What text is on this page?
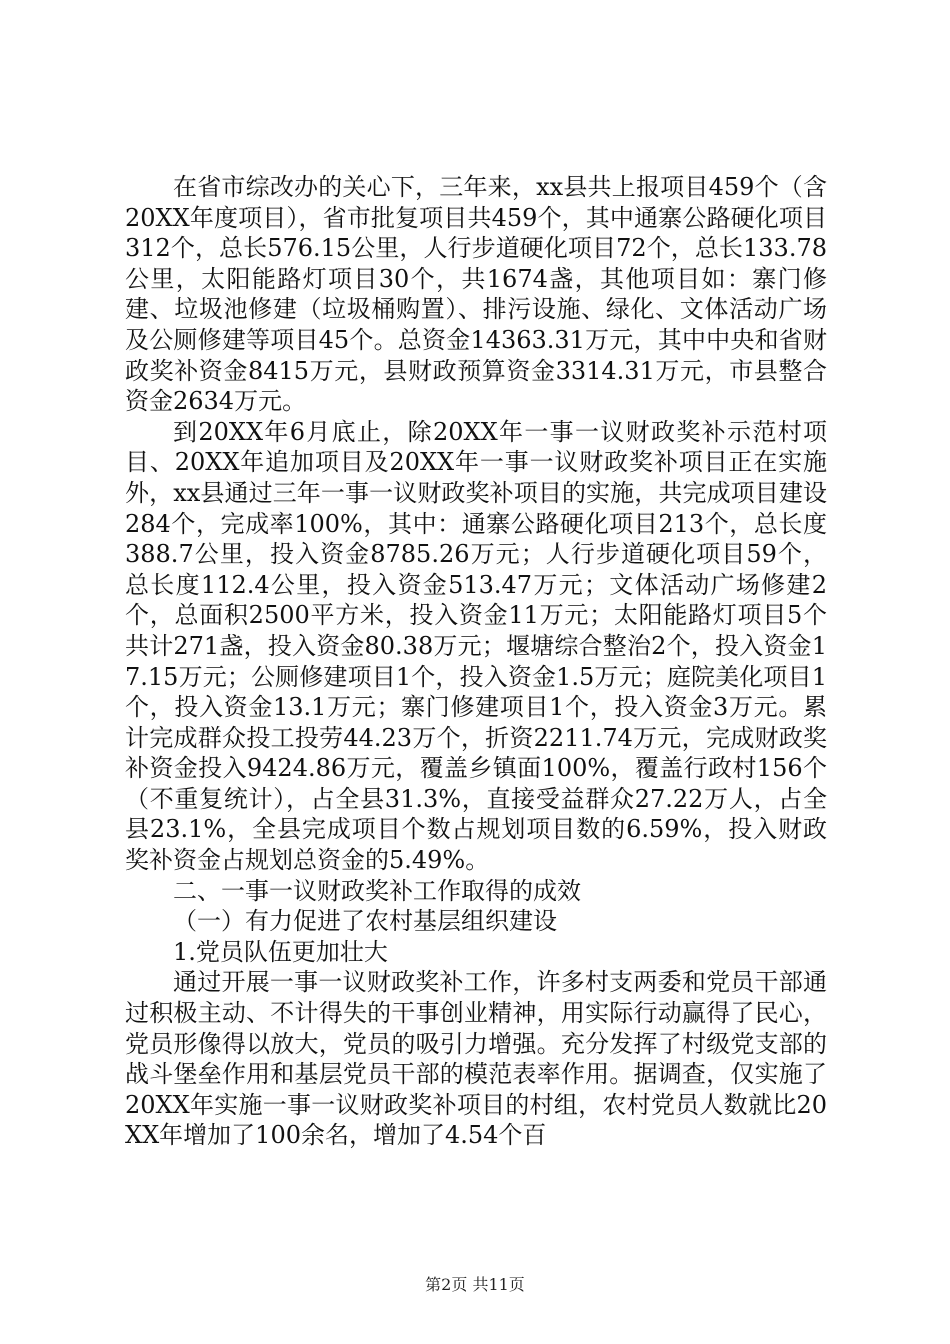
在省市综改办的关心下，三年来，xx县共上报项目459个（含20XX年度项目），省市批复项目共459个，其中通寨公路硬化项目312个，总长576.15公里，人行步道硬化项目72个，总长133.78公里，太阳能路灯项目30个，共1674盏，其他项目如：寨门修建、垃圾池修建（垃圾桶购置）、排污设施、绿化、文体活动广场及公厕修建等项目45个。总资金14363.31万元，其中中央和省财政奖补资金8415万元，县财政预算资金3314.31万元，市县整合资金2634万元。

到20XX年6月底止，除20XX年一事一议财政奖补示范村项目、20XX年追加项目及20XX年一事一议财政奖补项目正在实施外，xx县通过三年一事一议财政奖补项目的实施，共完成项目建设284个，完成率100%，其中：通寨公路硬化项目213个，总长度388.7公里，投入资金8785.26万元；人行步道硬化项目59个，总长度112.4公里，投入资金513.47万元；文体活动广场修建2个，总面积2500平方米，投入资金11万元；太阳能路灯项目5个共计271盏，投入资金80.38万元；堰塘综合整治2个，投入资金17.15万元；公厕修建项目1个，投入资金1.5万元；庭院美化项目1个，投入资金13.1万元；寨门修建项目1个，投入资金3万元。累计完成群众投工投劳44.23万个，折资2211.74万元，完成财政奖补资金投入9424.86万元，覆盖乡镇面100%，覆盖行政村156个（不重复统计），占全县31.3%，直接受益群众27.22万人，占全县23.1%，全县完成项目个数占规划项目数的6.59%，投入财政奖补资金占规划总资金的5.49%。

二、一事一议财政奖补工作取得的成效

（一）有力促进了农村基层组织建设

1.党员队伍更加壮大

通过开展一事一议财政奖补工作，许多村支两委和党员干部通过积极主动、不计得失的干事创业精神，用实际行动赢得了民心，党员形像得以放大，党员的吸引力增强。充分发挥了村级党支部的战斗堡垒作用和基层党员干部的模范表率作用。据调查，仅实施了20XX年实施一事一议财政奖补项目的村组，农村党员人数就比20XX年增加了100余名，增加了4.54个百

第2页 共11页
